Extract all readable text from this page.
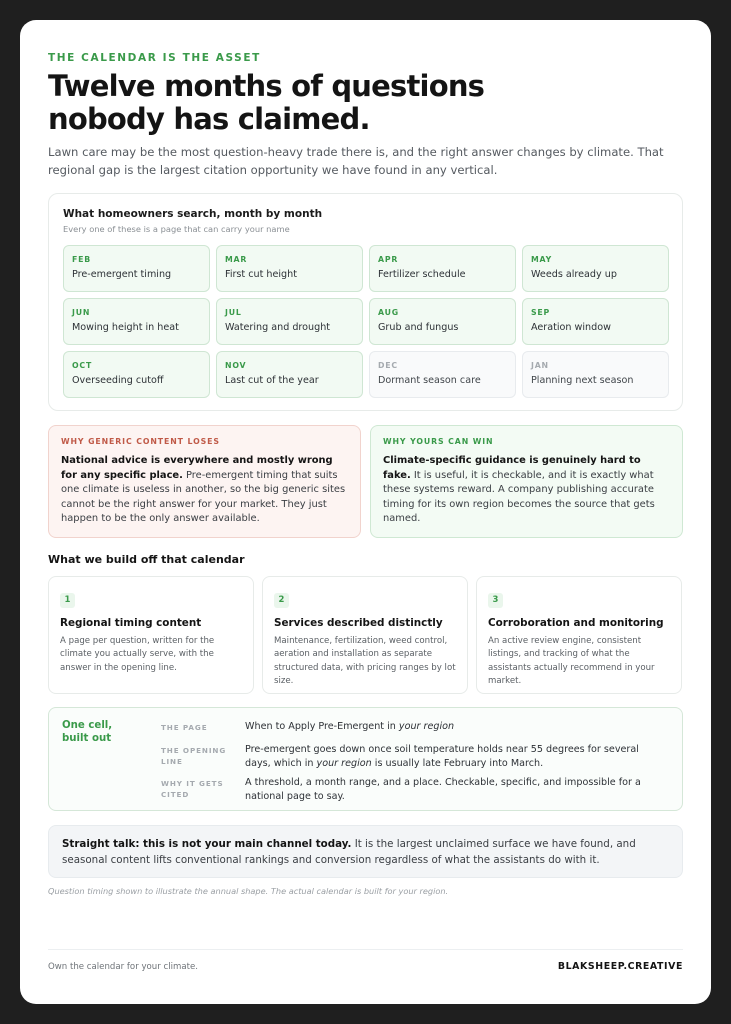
THE CALENDAR IS THE ASSET
Twelve months of questions
nobody has claimed.

Lawn care may be the most question-heavy trade there is, and the right answer changes by climate. That regional gap is the largest citation opportunity we have found in any vertical.

What homeowners search, month by month
Every one of these is a page that can carry your name
FEB
Pre-emergent timing
MAR
First cut height
APR
Fertilizer schedule
MAY
Weeds already up
JUN
Mowing height in heat
JUL
Watering and drought
AUG
Grub and fungus
SEP
Aeration window
OCT
Overseeding cutoff
NOV
Last cut of the year
DEC
Dormant season care
JAN
Planning next season
WHY GENERIC CONTENT LOSES

National advice is everywhere and mostly wrong for any specific place. Pre-emergent timing that suits one climate is useless in another, so the big generic sites cannot be the right answer for your market. They just happen to be the only answer available.

WHY YOURS CAN WIN

Climate-specific guidance is genuinely hard to fake. It is useful, it is checkable, and it is exactly what these systems reward. A company publishing accurate timing for its own region becomes the source that gets named.

What we build off that calendar
1
Regional timing content
A page per question, written for the climate you actually serve, with the answer in the opening line.
2
Services described distinctly
Maintenance, fertilization, weed control, aeration and installation as separate structured data, with pricing ranges by lot size.
3
Corroboration and monitoring
An active review engine, consistent listings, and tracking of what the assistants actually recommend in your market.
One cell, built out
THE PAGE	When to Apply Pre-Emergent in your region
THE OPENING LINE
Pre-emergent goes down once soil temperature holds near 55 degrees for several days, which in your region is usually late February into March.
WHY IT GETS CITED
A threshold, a month range, and a place. Checkable, specific, and impossible for a national page to say.
Straight talk: this is not your main channel today. It is the largest unclaimed surface we have found, and seasonal content lifts conventional rankings and conversion regardless of what the assistants do with it.
Question timing shown to illustrate the annual shape. The actual calendar is built for your region.
Own the calendar for your climate.	BLAKSHEEP.CREATIVE
